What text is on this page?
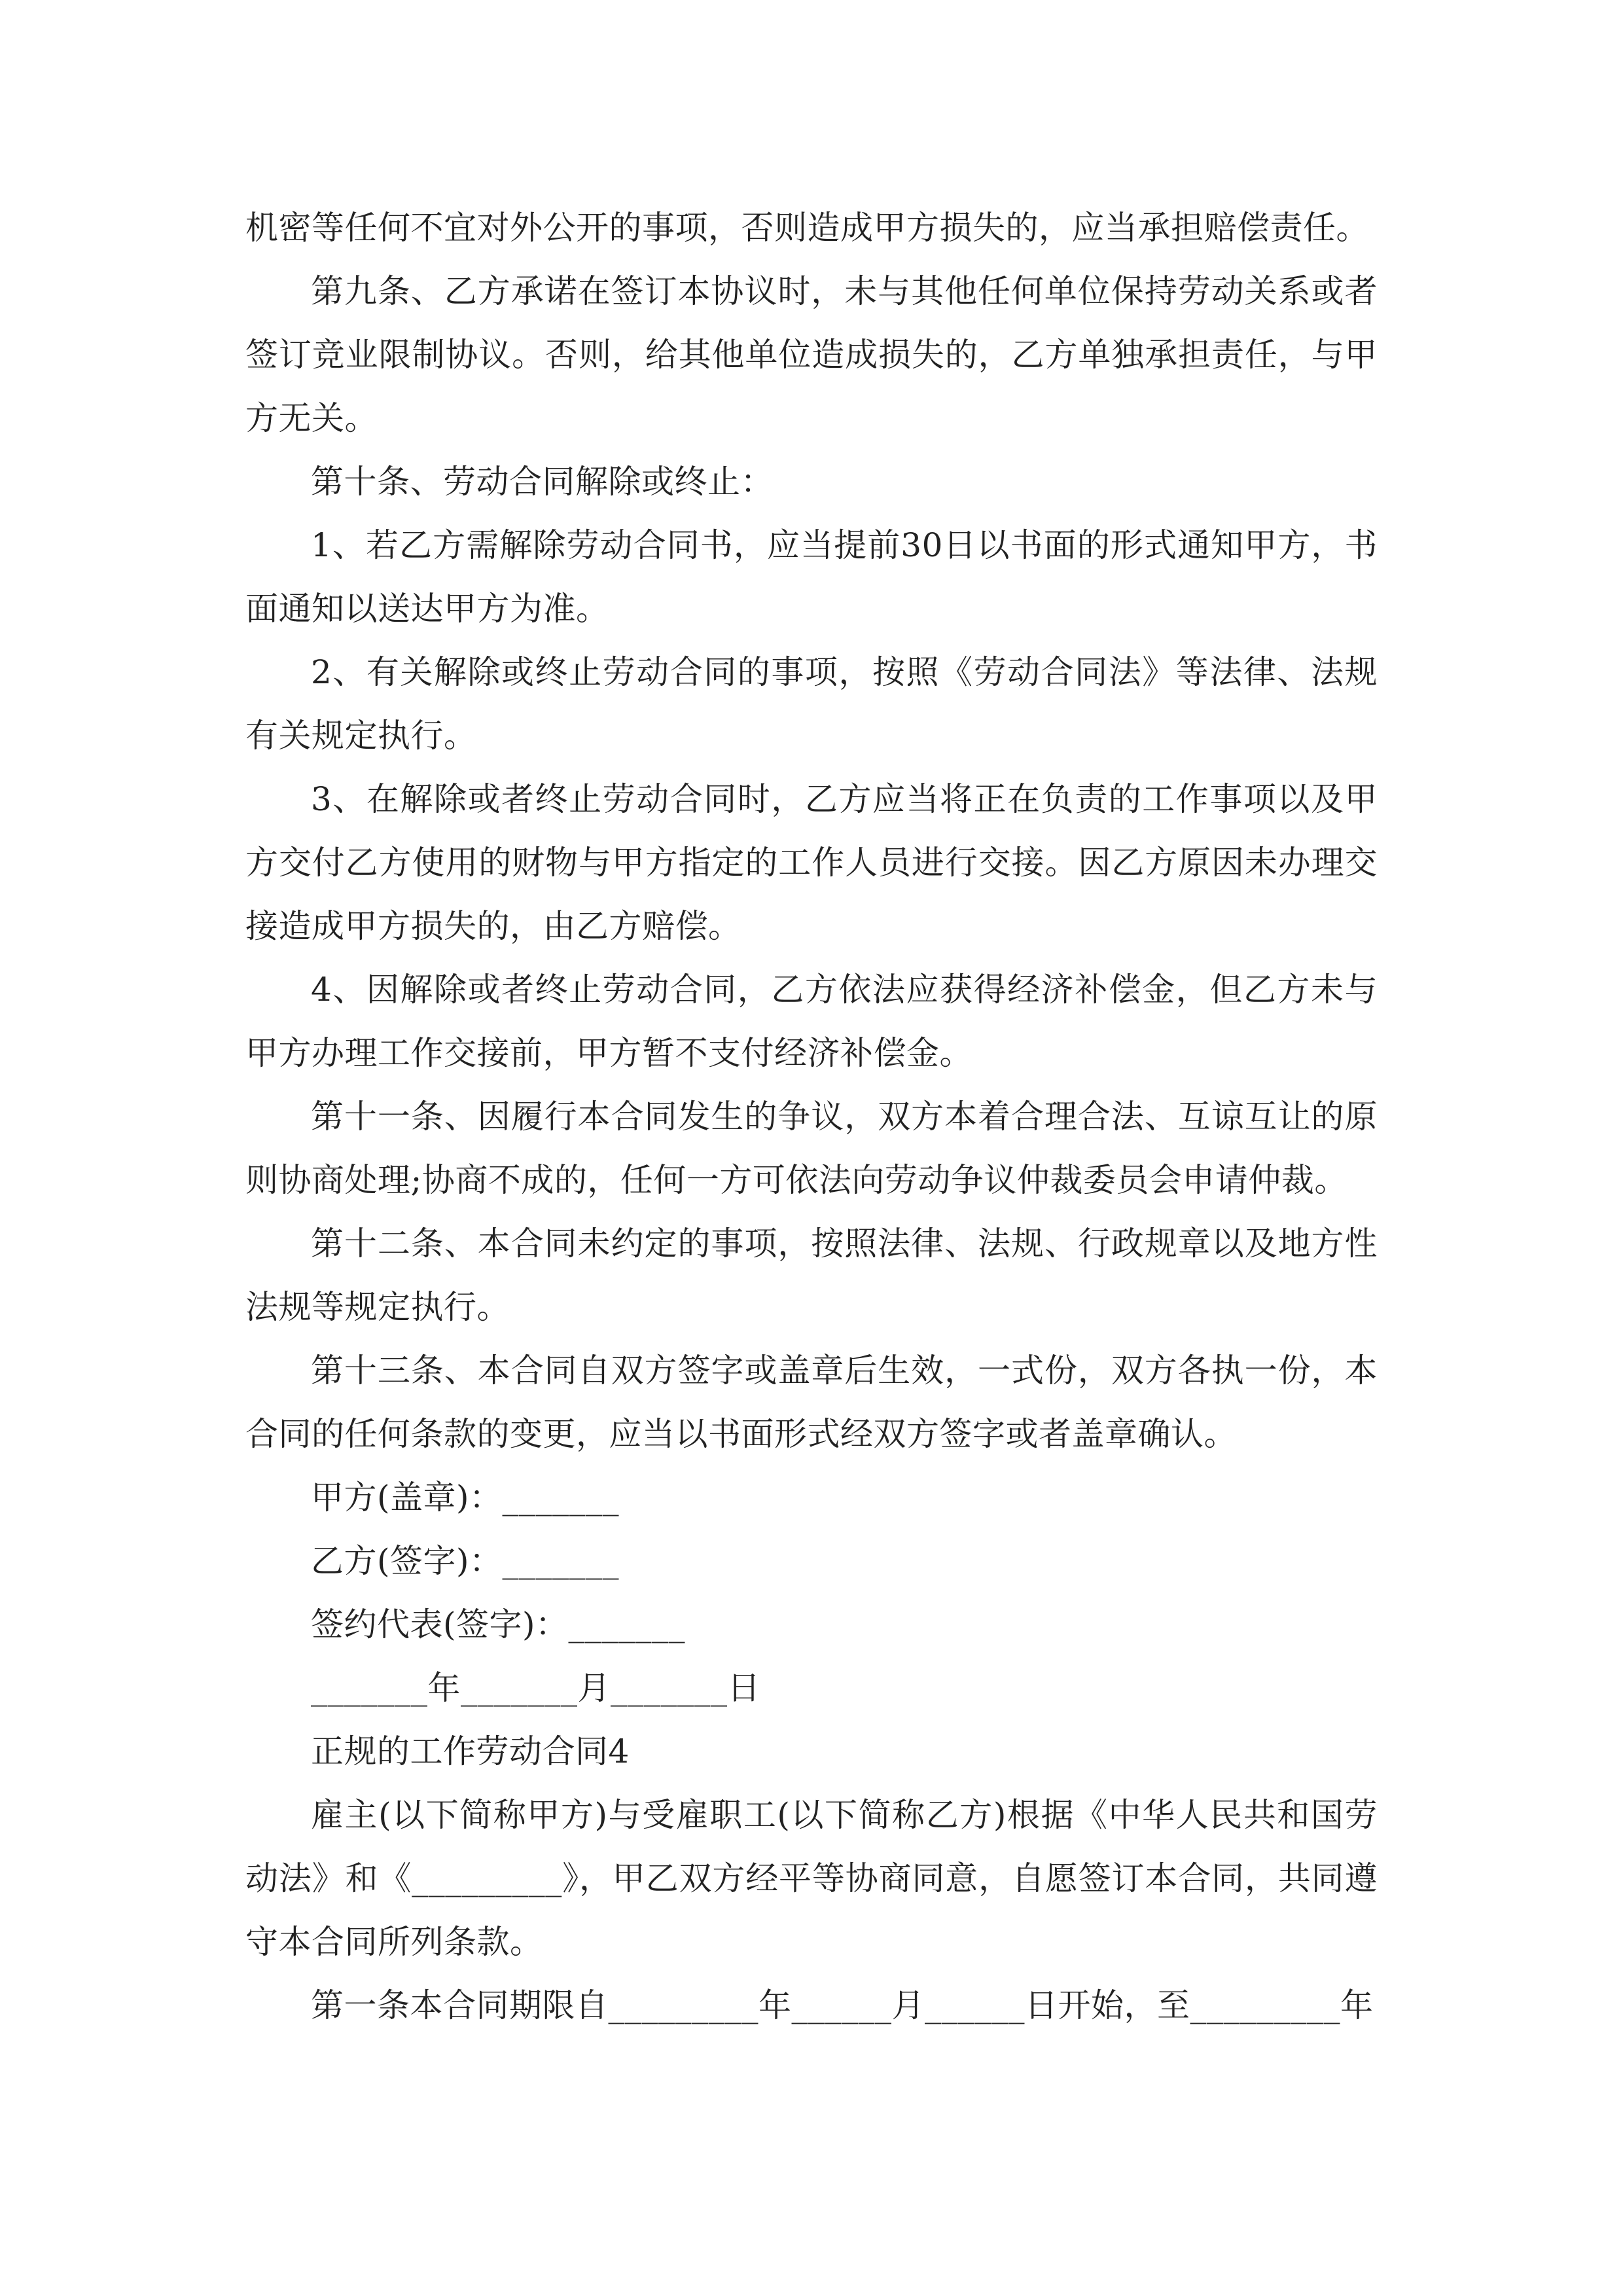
机密等任何不宜对外公开的事项，否则造成甲方损失的，应当承担赔偿责任。

第九条、乙方承诺在签订本协议时，未与其他任何单位保持劳动关系或者签订竞业限制协议。否则，给其他单位造成损失的，乙方单独承担责任，与甲方无关。

第十条、劳动合同解除或终止：

1、若乙方需解除劳动合同书，应当提前30日以书面的形式通知甲方，书面通知以送达甲方为准。

2、有关解除或终止劳动合同的事项，按照《劳动合同法》等法律、法规有关规定执行。

3、在解除或者终止劳动合同时，乙方应当将正在负责的工作事项以及甲方交付乙方使用的财物与甲方指定的工作人员进行交接。因乙方原因未办理交接造成甲方损失的，由乙方赔偿。

4、因解除或者终止劳动合同，乙方依法应获得经济补偿金，但乙方未与甲方办理工作交接前，甲方暂不支付经济补偿金。

第十一条、因履行本合同发生的争议，双方本着合理合法、互谅互让的原则协商处理;协商不成的，任何一方可依法向劳动争议仲裁委员会申请仲裁。

第十二条、本合同未约定的事项，按照法律、法规、行政规章以及地方性法规等规定执行。

第十三条、本合同自双方签字或盖章后生效，一式份，双方各执一份，本合同的任何条款的变更，应当以书面形式经双方签字或者盖章确认。

甲方(盖章)：_______

乙方(签字)：_______

签约代表(签字)：_______

_______年_______月_______日

正规的工作劳动合同4

雇主(以下简称甲方)与受雇职工(以下简称乙方)根据《中华人民共和国劳动法》和《_________》，甲乙双方经平等协商同意，自愿签订本合同，共同遵守本合同所列条款。

第一条本合同期限自_________年______月______日开始，至_________年
